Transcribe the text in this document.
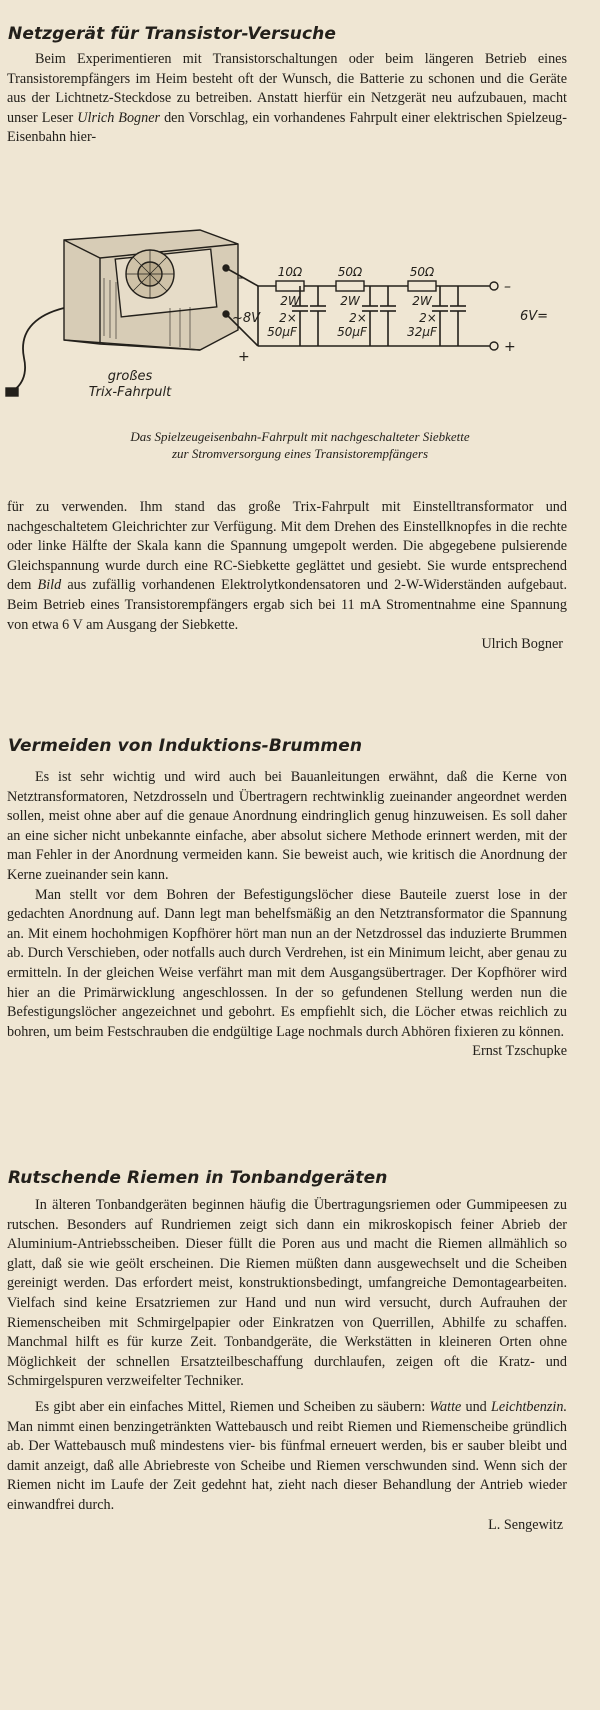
Netzgerät für Transistor-Versuche

Beim Experimentieren mit Transistorschaltungen oder beim längeren Betrieb eines Transistorempfängers im Heim besteht oft der Wunsch, die Batterie zu schonen und die Geräte aus der Lichtnetz-Steckdose zu betreiben. Anstatt hierfür ein Netzgerät neu aufzubauen, macht unser Leser Ulrich Bogner den Vorschlag, ein vorhandenes Fahrpult einer elektrischen Spielzeug-Eisenbahn hier-

großes
Trix-Fahrpult
–
+
~8V
10Ω
2W
50Ω
2W
50Ω
2W
2×
50µF
2×
50µF
2×
32µF
6V=
–
+
Das Spielzeugeisenbahn-Fahrpult mit nachgeschalteter Siebkette
zur Stromversorgung eines Transistorempfängers

für zu verwenden. Ihm stand das große Trix-Fahrpult mit Einstelltransformator und nachgeschaltetem Gleichrichter zur Verfügung. Mit dem Drehen des Einstellknopfes in die rechte oder linke Hälfte der Skala kann die Spannung umgepolt werden. Die abgegebene pulsierende Gleichspannung wurde durch eine RC-Siebkette geglättet und gesiebt. Sie wurde entsprechend dem Bild aus zufällig vorhandenen Elektrolytkondensatoren und 2-W-Widerständen aufgebaut. Beim Betrieb eines Transistorempfängers ergab sich bei 11 mA Stromentnahme eine Spannung von etwa 6 V am Ausgang der Siebkette.

Ulrich Bogner
Vermeiden von Induktions-Brummen

Es ist sehr wichtig und wird auch bei Bauanleitungen erwähnt, daß die Kerne von Netztransformatoren, Netzdrosseln und Übertragern rechtwinklig zueinander angeordnet werden sollen, meist ohne aber auf die genaue Anordnung eindringlich genug hinzuweisen. Es soll daher an eine sicher nicht unbekannte einfache, aber absolut sichere Methode erinnert werden, mit der man Fehler in der Anordnung vermeiden kann. Sie beweist auch, wie kritisch die Anordnung der Kerne zueinander sein kann.

Man stellt vor dem Bohren der Befestigungslöcher diese Bauteile zuerst lose in der gedachten Anordnung auf. Dann legt man behelfsmäßig an den Netztransformator die Spannung an. Mit einem hochohmigen Kopfhörer hört man nun an der Netzdrossel das induzierte Brummen ab. Durch Verschieben, oder notfalls auch durch Verdrehen, ist ein Minimum leicht, aber genau zu ermitteln. In der gleichen Weise verfährt man mit dem Ausgangsübertrager. Der Kopfhörer wird hier an die Primärwicklung angeschlossen. In der so gefundenen Stellung werden nun die Befestigungslöcher angezeichnet und gebohrt. Es empfiehlt sich, die Löcher etwas reichlich zu bohren, um beim Festschrauben die endgültige Lage nochmals durch Abhören fixieren zu können.
Ernst Tzschupke

Rutschende Riemen in Tonbandgeräten

In älteren Tonbandgeräten beginnen häufig die Übertragungsriemen oder Gummipeesen zu rutschen. Besonders auf Rundriemen zeigt sich dann ein mikroskopisch feiner Abrieb der Aluminium-Antriebsscheiben. Dieser füllt die Poren aus und macht die Riemen allmählich so glatt, daß sie wie geölt erscheinen. Die Riemen müßten dann ausgewechselt und die Scheiben gereinigt werden. Das erfordert meist, konstruktionsbedingt, umfangreiche Demontagearbeiten. Vielfach sind keine Ersatzriemen zur Hand und nun wird versucht, durch Aufrauhen der Riemenscheiben mit Schmirgelpapier oder Einkratzen von Querrillen, Abhilfe zu schaffen. Manchmal hilft es für kurze Zeit. Tonbandgeräte, die Werkstätten in kleineren Orten ohne Möglichkeit der schnellen Ersatzteilbeschaffung durchlaufen, zeigen oft die Kratz- und Schmirgelspuren verzweifelter Techniker.

Es gibt aber ein einfaches Mittel, Riemen und Scheiben zu säubern: Watte und Leichtbenzin. Man nimmt einen benzingetränkten Wattebausch und reibt Riemen und Riemenscheibe gründlich ab. Der Wattebausch muß mindestens vier- bis fünfmal erneuert werden, bis er sauber bleibt und damit anzeigt, daß alle Abriebreste von Scheibe und Riemen verschwunden sind. Wenn sich der Riemen nicht im Laufe der Zeit gedehnt hat, zieht nach dieser Behandlung der Antrieb wieder einwandfrei durch.

L. Sengewitz
